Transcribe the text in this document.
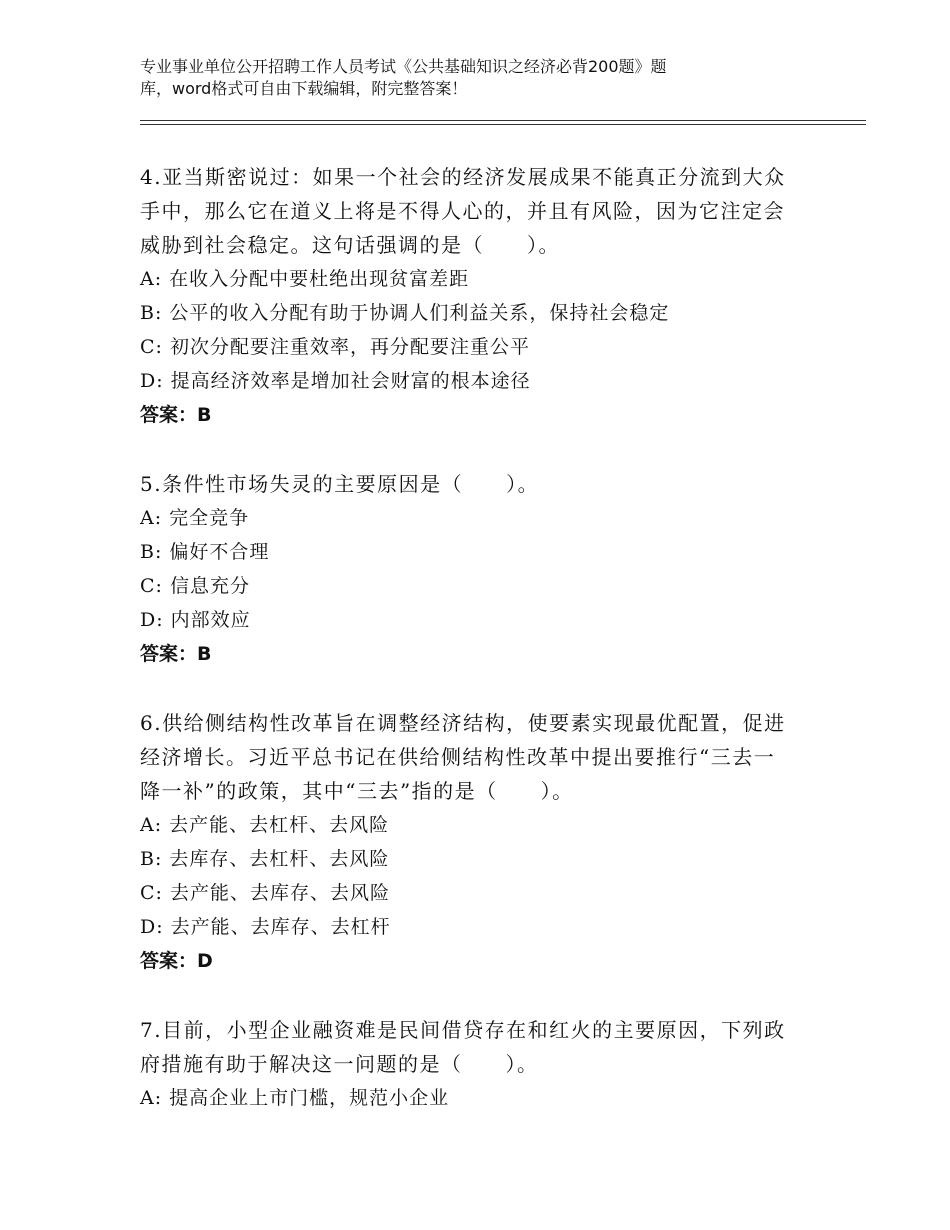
专业事业单位公开招聘工作人员考试《公共基础知识之经济必背200题》题
库，word格式可自由下载编辑，附完整答案！

4.亚当斯密说过：如果一个社会的经济发展成果不能真正分流到大众

手中，那么它在道义上将是不得人心的，并且有风险，因为它注定会

威胁到社会稳定。这句话强调的是（　　）。

A: 在收入分配中要杜绝出现贫富差距

B: 公平的收入分配有助于协调人们利益关系，保持社会稳定

C: 初次分配要注重效率，再分配要注重公平

D: 提高经济效率是增加社会财富的根本途径

答案：B

5.条件性市场失灵的主要原因是（　　）。

A: 完全竞争

B: 偏好不合理

C: 信息充分

D: 内部效应

答案：B

6.供给侧结构性改革旨在调整经济结构，使要素实现最优配置，促进

经济增长。习近平总书记在供给侧结构性改革中提出要推行“三去一

降一补”的政策，其中“三去”指的是（　　）。

A: 去产能、去杠杆、去风险

B: 去库存、去杠杆、去风险

C: 去产能、去库存、去风险

D: 去产能、去库存、去杠杆

答案：D

7.目前，小型企业融资难是民间借贷存在和红火的主要原因，下列政

府措施有助于解决这一问题的是（　　）。

A: 提高企业上市门槛，规范小企业
